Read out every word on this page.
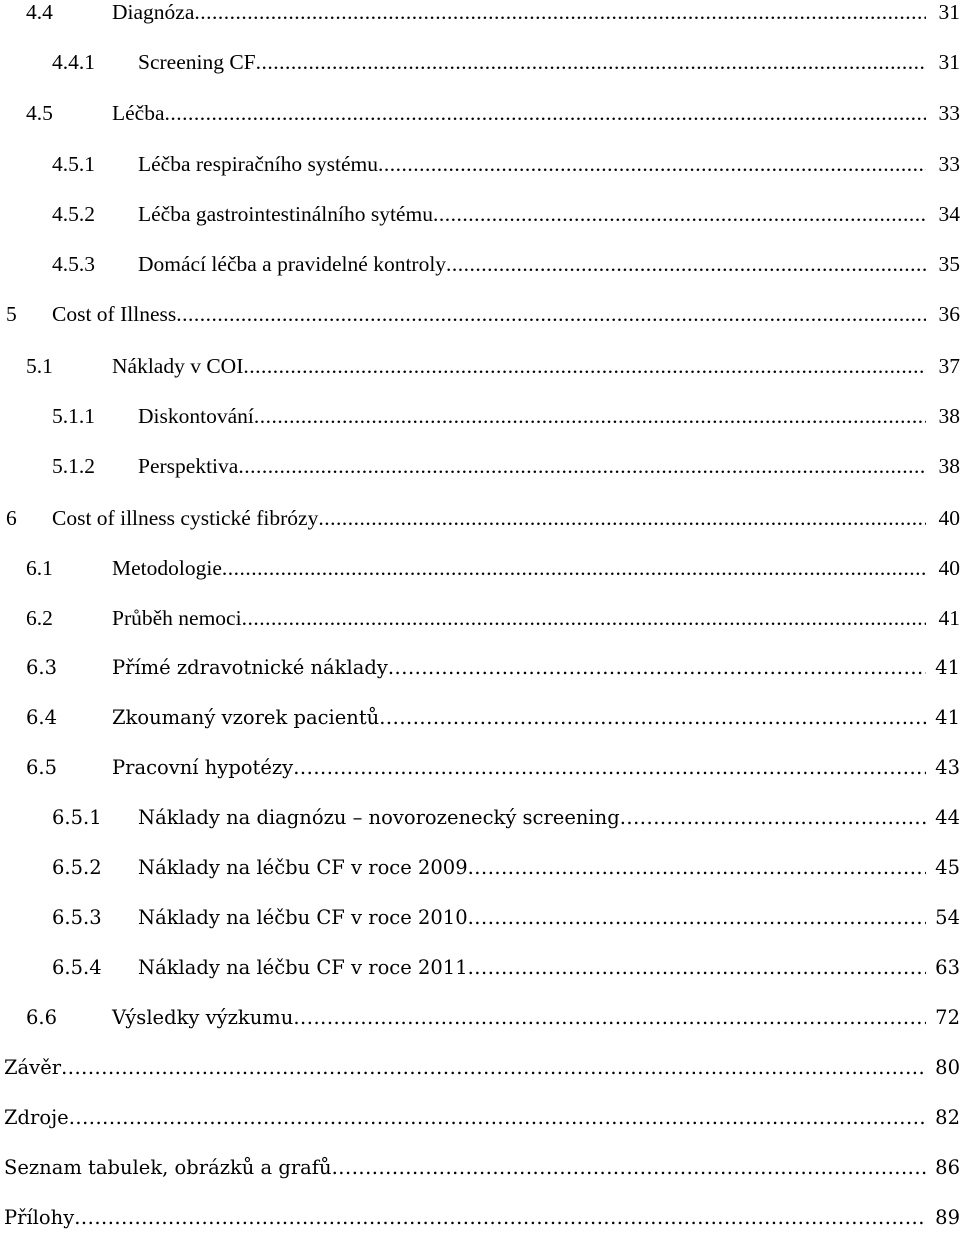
4.4	Diagnóza .....	31
4.4.1 Screening CF .....	31
4.5	Léčba .....	33
4.5.1 Léčba respiračního systému .....	33
4.5.2 Léčba gastrointestinálního sytému .....	34
4.5.3 Domácí léčba a pravidelné kontroly .....	35
5 Cost of Illness .....	36
5.1	Náklady v COI .....	37
5.1.1 Diskontování .....	38
5.1.2 Perspektiva .....	38
6 Cost of illness cystické fibrózy .....	40
6.1	Metodologie .....	40
6.2	Průběh nemoci .....	41
6.3	Přímé zdravotnické náklady .....	41
6.4	Zkoumaný vzorek pacientů .....	41
6.5	Pracovní hypotézy .....	43
6.5.1 Náklady na diagnózu – novorozenecký screening .....	44
6.5.2 Náklady na léčbu CF v roce 2009 .....	45
6.5.3 Náklady na léčbu CF v roce 2010 .....	54
6.5.4 Náklady na léčbu CF v roce 2011 .....	63
6.6	Výsledky výzkumu .....	72
Závěr .....	80
Zdroje .....	82
Seznam tabulek, obrázků a grafů .....	86
Přílohy .....	89
